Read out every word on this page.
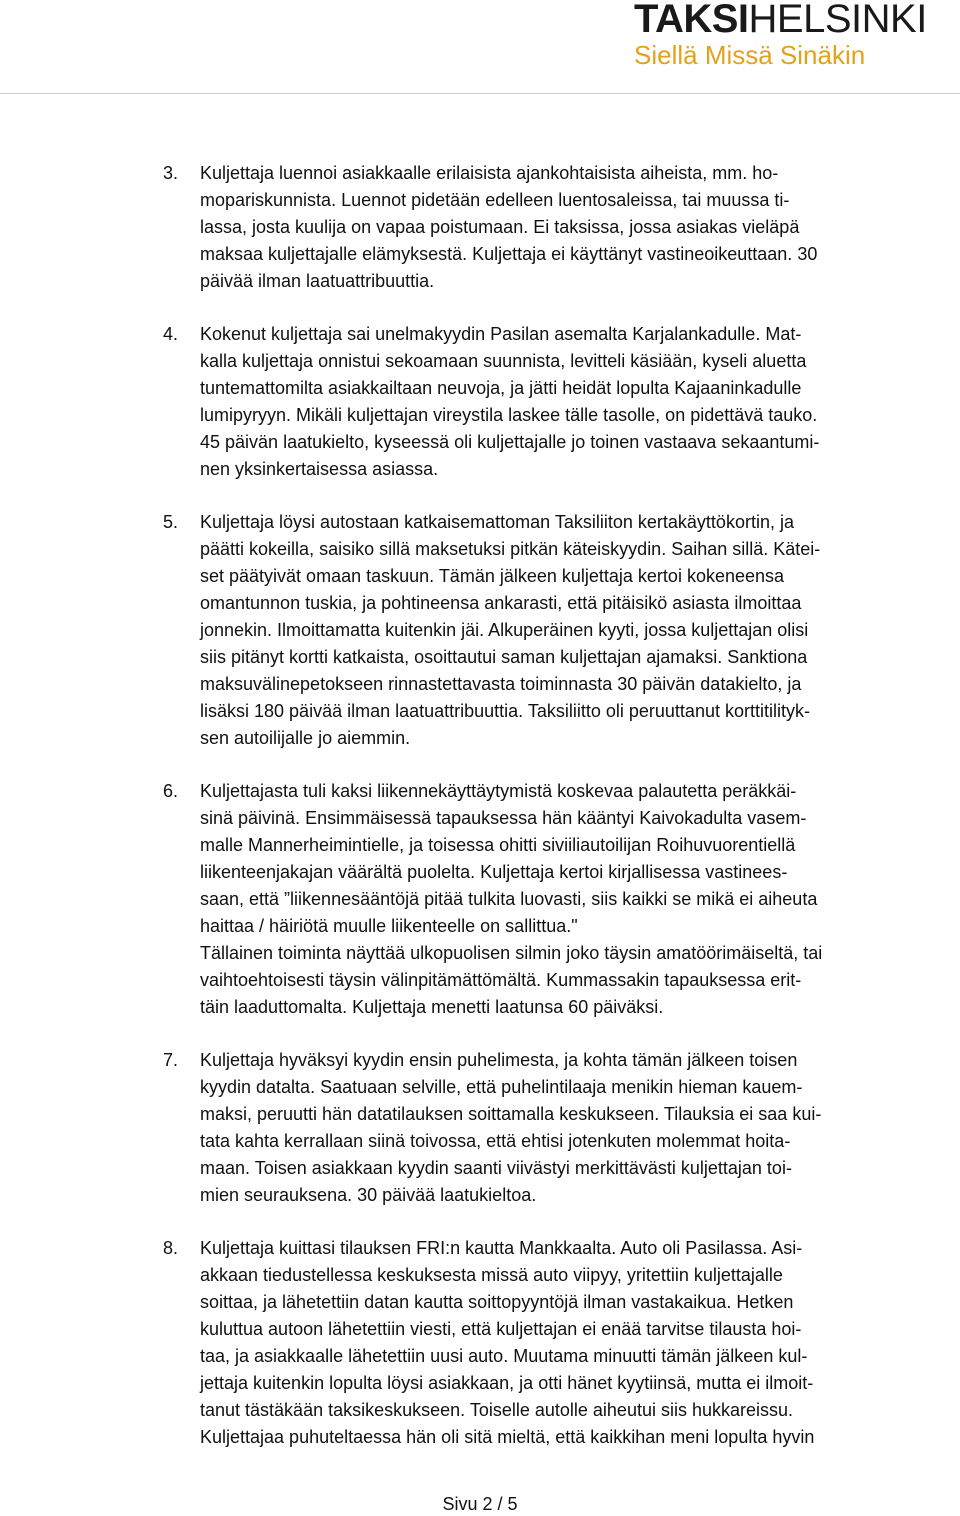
TAKSIHELSINKI
Siellä Missä Sinäkin
3.	Kuljettaja luennoi asiakkaalle erilaisista ajankohtaisista aiheista, mm. ho-
mopariskunnista. Luennot pidetään edelleen luentosaleissa, tai muussa ti-
lassa, josta kuulija on vapaa poistumaan. Ei taksissa, jossa asiakas vieläpä
maksaa kuljettajalle elämyksestä. Kuljettaja ei käyttänyt vastineoikeuttaan. 30
päivää ilman laatuattribuuttia.
4.	Kokenut kuljettaja sai unelmakyydin Pasilan asemalta Karjalankadulle. Mat-
kalla kuljettaja onnistui sekoamaan suunnista, levitteli käsiään, kyseli aluetta
tuntemattomilta asiakkailtaan neuvoja, ja jätti heidät lopulta Kajaaninkadulle
lumipyryyn. Mikäli kuljettajan vireystila laskee tälle tasolle, on pidettävä tauko.
45 päivän laatukielto, kyseessä oli kuljettajalle jo toinen vastaava sekaantumi-
nen yksinkertaisessa asiassa.
5.	Kuljettaja löysi autostaan katkaisemattoman Taksiliiton kertakäyttökortin, ja
päätti kokeilla, saisiko sillä maksetuksi pitkän käteiskyydin. Saihan sillä. Kätei-
set päätyivät omaan taskuun. Tämän jälkeen kuljettaja kertoi kokeneensa
omantunnon tuskia, ja pohtineensa ankarasti, että pitäisikö asiasta ilmoittaa
jonnekin. Ilmoittamatta kuitenkin jäi. Alkuperäinen kyyti, jossa kuljettajan olisi
siis pitänyt kortti katkaista, osoittautui saman kuljettajan ajamaksi. Sanktiona
maksuvälinepetokseen rinnastettavasta toiminnasta 30 päivän datakielto, ja
lisäksi 180 päivää ilman laatuattribuuttia. Taksiliitto oli peruuttanut korttitilityk-
sen autoilijalle jo aiemmin.
6.	Kuljettajasta tuli kaksi liikennekäyttäytymistä koskevaa palautetta peräkkäi-
sinä päivinä. Ensimmäisessä tapauksessa hän kääntyi Kaivokadulta vasem-
malle Mannerheimintielle, ja toisessa ohitti siviiliautoilijan Roihuvuorentiellä
liikenteenjakajan väärältä puolelta. Kuljettaja kertoi kirjallisessa vastinees-
saan, että ”liikennesääntöjä pitää tulkita luovasti, siis kaikki se mikä ei aiheuta
haittaa / häiriötä muulle liikenteelle on sallittua."
Tällainen toiminta näyttää ulkopuolisen silmin joko täysin amatöörimäiseltä, tai
vaihtoehtoisesti täysin välinpitämättömältä. Kummassakin tapauksessa erit-
täin laaduttomalta. Kuljettaja menetti laatunsa 60 päiväksi.
7.	Kuljettaja hyväksyi kyydin ensin puhelimesta, ja kohta tämän jälkeen toisen
kyydin datalta. Saatuaan selville, että puhelintilaaja menikin hieman kauem-
maksi, peruutti hän datatilauksen soittamalla keskukseen. Tilauksia ei saa kui-
tata kahta kerrallaan siinä toivossa, että ehtisi jotenkuten molemmat hoita-
maan. Toisen asiakkaan kyydin saanti viivästyi merkittävästi kuljettajan toi-
mien seurauksena. 30 päivää laatukieltoa.
8.	Kuljettaja kuittasi tilauksen FRI:n kautta Mankkaalta. Auto oli Pasilassa. Asi-
akkaan tiedustellessa keskuksesta missä auto viipyy, yritettiin kuljettajalle
soittaa, ja lähetettiin datan kautta soittopyyntöjä ilman vastakaikua. Hetken
kuluttua autoon lähetettiin viesti, että kuljettajan ei enää tarvitse tilausta hoi-
taa, ja asiakkaalle lähetettiin uusi auto. Muutama minuutti tämän jälkeen kul-
jettaja kuitenkin lopulta löysi asiakkaan, ja otti hänet kyytiinsä, mutta ei ilmoit-
tanut tästäkään taksikeskukseen. Toiselle autolle aiheutui siis hukkareissu.
Kuljettajaa puhuteltaessa hän oli sitä mieltä, että kaikkihan meni lopulta hyvin
Sivu 2 / 5
